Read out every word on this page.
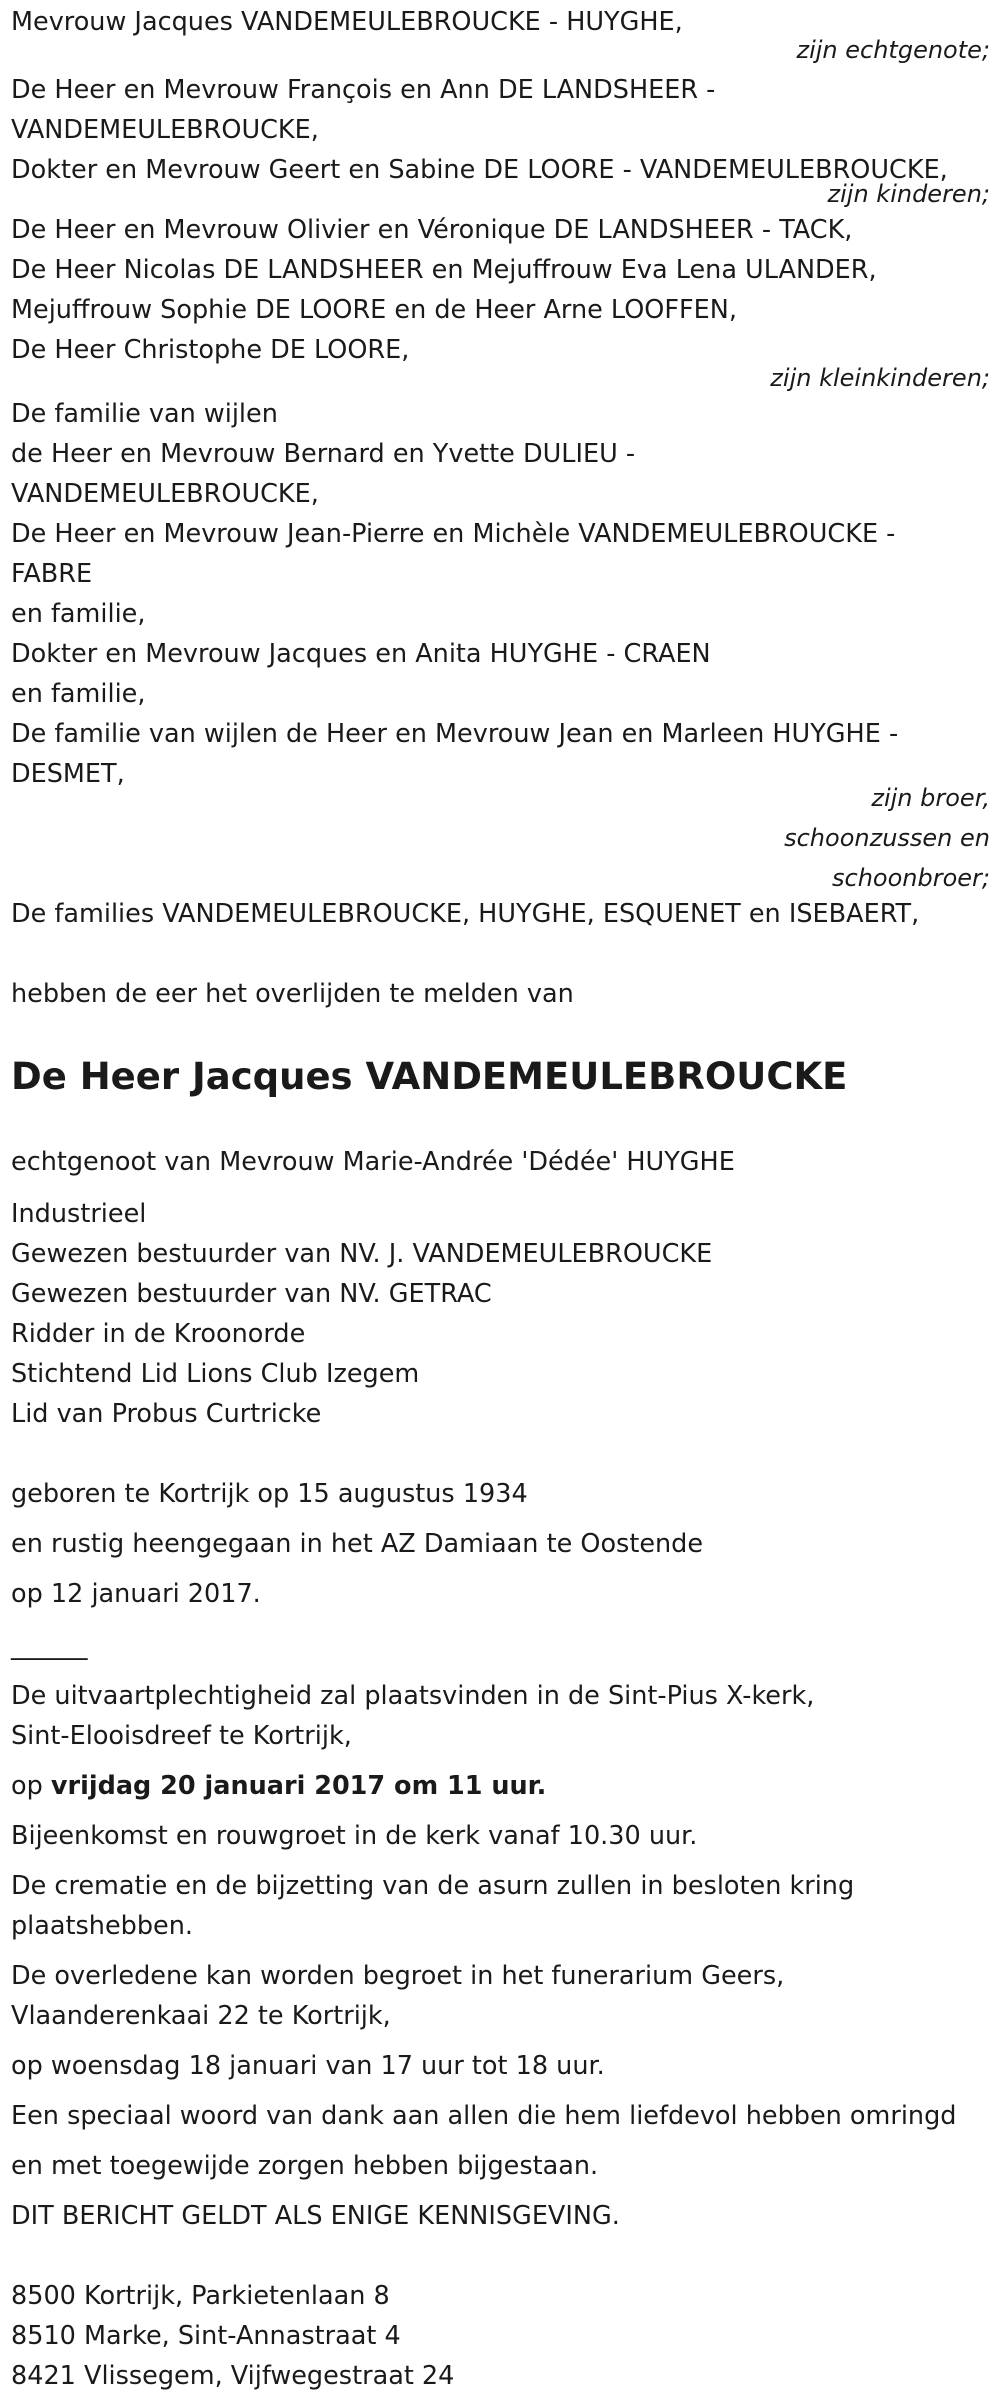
Mevrouw Jacques VANDEMEULEBROUCKE - HUYGHE,
zijn echtgenote;
De Heer en Mevrouw François en Ann DE LANDSHEER -
VANDEMEULEBROUCKE,
Dokter en Mevrouw Geert en Sabine DE LOORE - VANDEMEULEBROUCKE,
zijn kinderen;
De Heer en Mevrouw Olivier en Véronique DE LANDSHEER - TACK,
De Heer Nicolas DE LANDSHEER en Mejuffrouw Eva Lena ULANDER,
Mejuffrouw Sophie DE LOORE en de Heer Arne LOOFFEN,
De Heer Christophe DE LOORE,
zijn kleinkinderen;
De familie van wijlen
de Heer en Mevrouw Bernard en Yvette DULIEU -
VANDEMEULEBROUCKE,
De Heer en Mevrouw Jean-Pierre en Michèle VANDEMEULEBROUCKE -
FABRE
en familie,
Dokter en Mevrouw Jacques en Anita HUYGHE - CRAEN
en familie,
De familie van wijlen de Heer en Mevrouw Jean en Marleen HUYGHE -
DESMET,
zijn broer,
schoonzussen en
schoonbroer;
De families VANDEMEULEBROUCKE, HUYGHE, ESQUENET en ISEBAERT,
hebben de eer het overlijden te melden van
De Heer Jacques VANDEMEULEBROUCKE
echtgenoot van Mevrouw Marie-Andrée 'Dédée' HUYGHE
Industrieel
Gewezen bestuurder van NV. J. VANDEMEULEBROUCKE
Gewezen bestuurder van NV. GETRAC
Ridder in de Kroonorde
Stichtend Lid Lions Club Izegem
Lid van Probus Curtricke
geboren te Kortrijk op 15 augustus 1934
en rustig heengegaan in het AZ Damiaan te Oostende
op 12 januari 2017.
______
De uitvaartplechtigheid zal plaatsvinden in de Sint-Pius X-kerk,
Sint-Elooisdreef te Kortrijk,
op vrijdag 20 januari 2017 om 11 uur.
Bijeenkomst en rouwgroet in de kerk vanaf 10.30 uur.
De crematie en de bijzetting van de asurn zullen in besloten kring
plaatshebben.
De overledene kan worden begroet in het funerarium Geers,
Vlaanderenkaai 22 te Kortrijk,
op woensdag 18 januari van 17 uur tot 18 uur.
Een speciaal woord van dank aan allen die hem liefdevol hebben omringd
en met toegewijde zorgen hebben bijgestaan.
DIT BERICHT GELDT ALS ENIGE KENNISGEVING.
8500 Kortrijk, Parkietenlaan 8
8510 Marke, Sint-Annastraat 4
8421 Vlissegem, Vijfwegestraat 24
